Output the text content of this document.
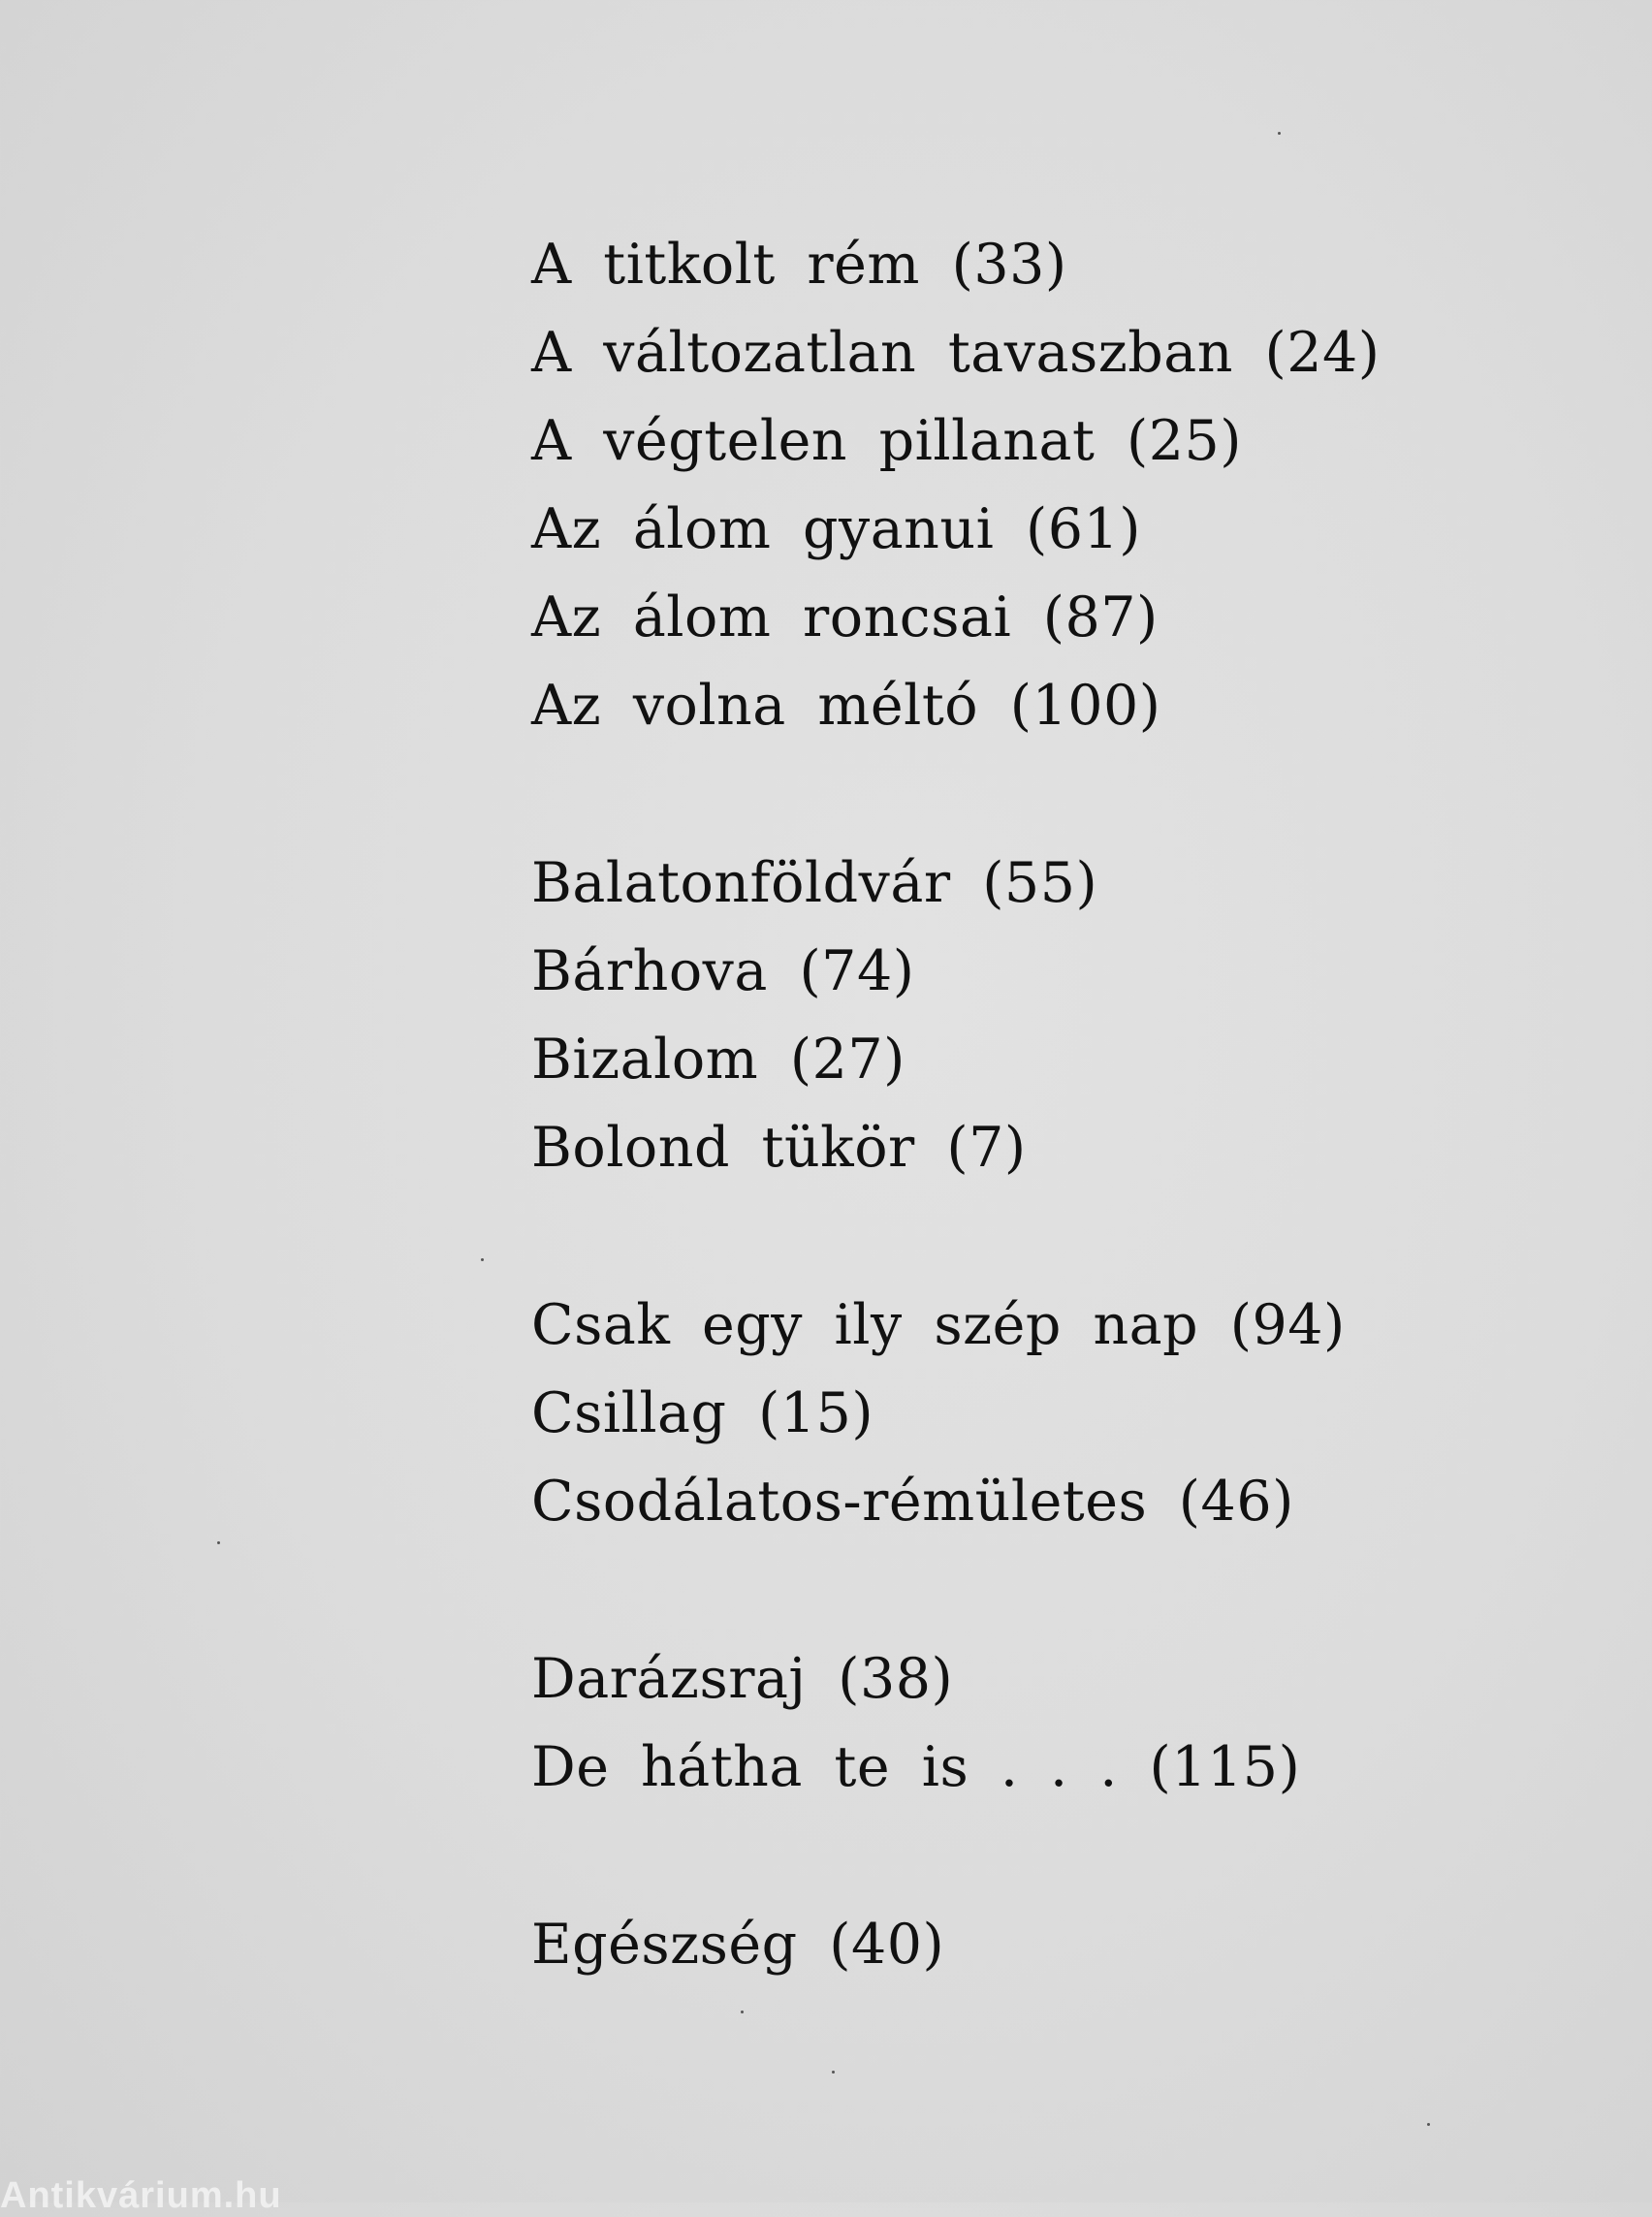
A titkolt rém (33)
A változatlan tavaszban (24)
A végtelen pillanat (25)
Az álom gyanui (61)
Az álom roncsai (87)
Az volna méltó (100)
Balatonföldvár (55)
Bárhova (74)
Bizalom (27)
Bolond tükör (7)
Csak egy ily szép nap (94)
Csillag (15)
Csodálatos-rémületes (46)
Darázsraj (38)
De hátha te is . . . (115)
Egészség (40)
Antikvárium.hu
